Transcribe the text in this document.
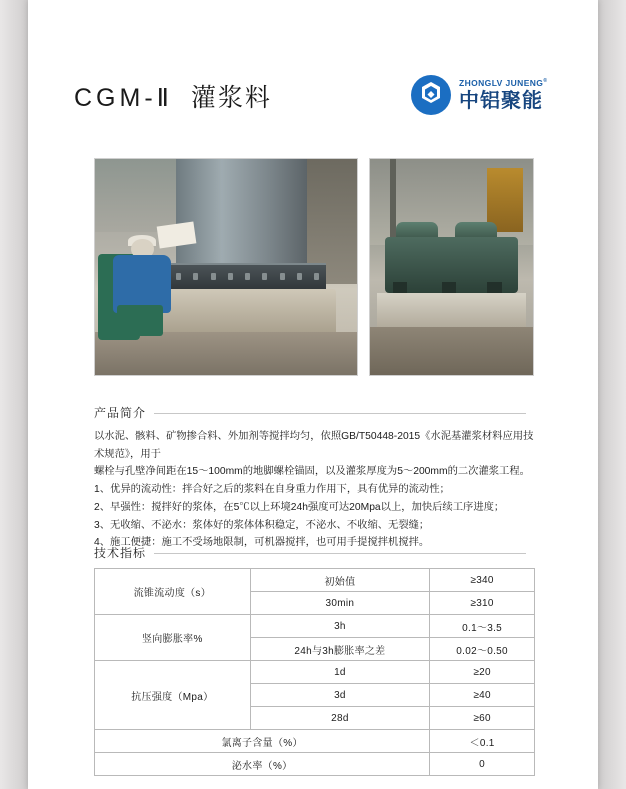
CGM-Ⅱ 灌浆料
ZHONGLV JUNENG®
中铝聚能
产品简介

以水泥、骸料、矿物掺合料、外加剂等搅拌均匀，依照GB/T50448-2015《水泥基灌浆材料应用技术规范》，用于

螺栓与孔壁净间距在15～100mm的地脚螺栓锚固，以及灌浆厚度为5～200mm的二次灌浆工程。

1、优异的流动性：拌合好之后的浆料在自身重力作用下，具有优异的流动性；

2、早强性：搅拌好的浆体，在5℃以上环境24h强度可达20Mpa以上，加快后续工序进度；

3、无收缩、不泌水：浆体好的浆体体积稳定，不泌水、不收缩、无裂缝；

4、施工便捷：施工不受场地限制，可机器搅拌，也可用手提搅拌机搅拌。

技术指标
流锥流动度（s）	初始值	≥340
	30min	≥310
竖向膨胀率%	3h	0.1～3.5
	24h与3h膨胀率之差	0.02～0.50
抗压强度（Mpa）	1d	≥20
	3d	≥40
	28d	≥60
氯离子含量（%）		＜0.1
泌水率（%）		0
